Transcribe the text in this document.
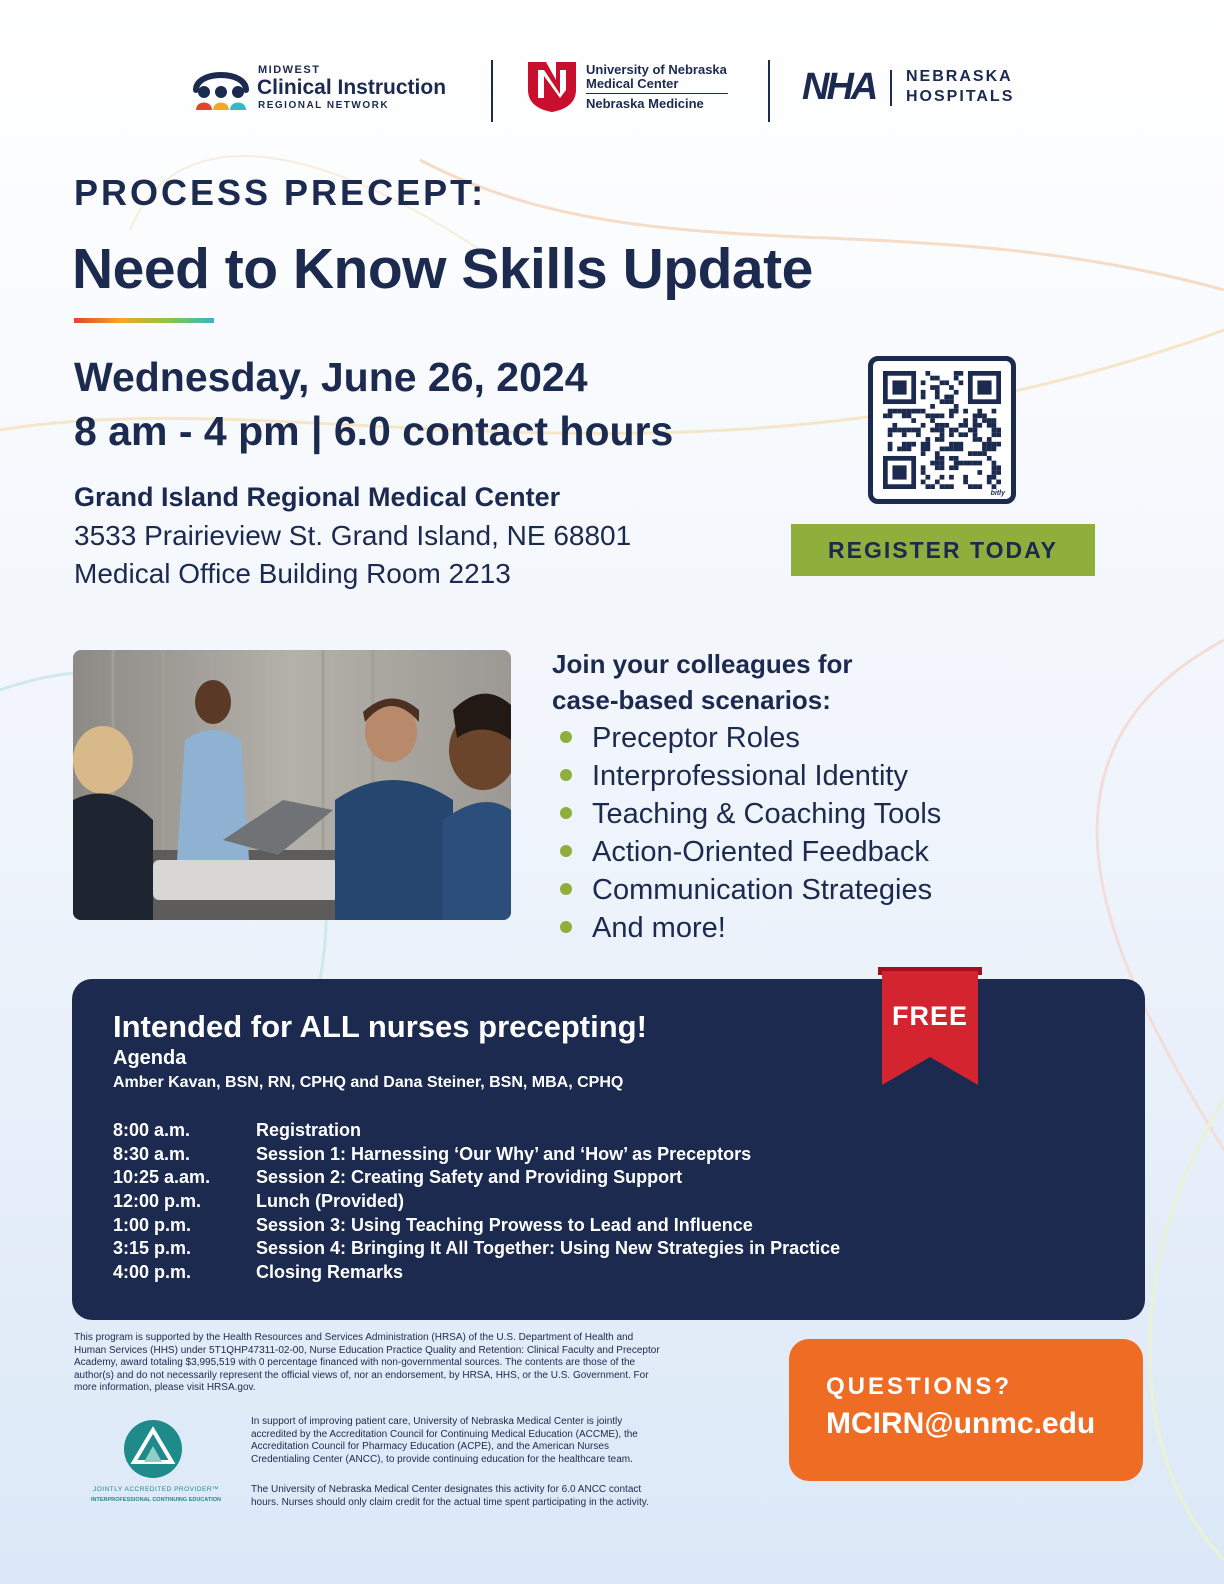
MIDWEST
Clinical Instruction
REGIONAL NETWORK
University of Nebraska
Medical Center
Nebraska Medicine	NHA NEBRASKA
HOSPITALS
PROCESS PRECEPT:
Need to Know Skills Update
Wednesday, June 26, 2024
8 am - 4 pm | 6.0 contact hours
Grand Island Regional Medical Center
3533 Prairieview St. Grand Island, NE 68801
Medical Office Building Room 2213
bitly
REGISTER TODAY
Join your colleagues for
case-based scenarios:
Preceptor Roles
Interprofessional Identity
Teaching & Coaching Tools
Action-Oriented Feedback
Communication Strategies
And more!
Intended for ALL nurses precepting!
Agenda
Amber Kavan, BSN, RN, CPHQ and Dana Steiner, BSN, MBA, CPHQ
8:00 a.m.	Registration
8:30 a.m.	Session 1: Harnessing ‘Our Why’ and ‘How’ as Preceptors
10:25 a.am.	Session 2: Creating Safety and Providing Support
12:00 p.m.	Lunch (Provided)
1:00 p.m.	Session 3: Using Teaching Prowess to Lead and Influence
3:15 p.m.	Session 4: Bringing It All Together: Using New Strategies in Practice
4:00 p.m.	Closing Remarks
FREE
This program is supported by the Health Resources and Services Administration (HRSA) of the U.S. Department of Health and
Human Services (HHS) under 5T1QHP47311-02-00, Nurse Education Practice Quality and Retention: Clinical Faculty and Preceptor
Academy, award totaling $3,995,519 with 0 percentage financed with non-governmental sources. The contents are those of the
author(s) and do not necessarily represent the official views of, nor an endorsement, by HRSA, HHS, or the U.S. Government. For
more information, please visit HRSA.gov.
JOINTLY ACCREDITED PROVIDER™
INTERPROFESSIONAL CONTINUING EDUCATION
In support of improving patient care, University of Nebraska Medical Center is jointly
accredited by the Accreditation Council for Continuing Medical Education (ACCME), the
Accreditation Council for Pharmacy Education (ACPE), and the American Nurses
Credentialing Center (ANCC), to provide continuing education for the healthcare team.
The University of Nebraska Medical Center designates this activity for 6.0 ANCC contact
hours. Nurses should only claim credit for the actual time spent participating in the activity.
QUESTIONS?
MCIRN@unmc.edu
